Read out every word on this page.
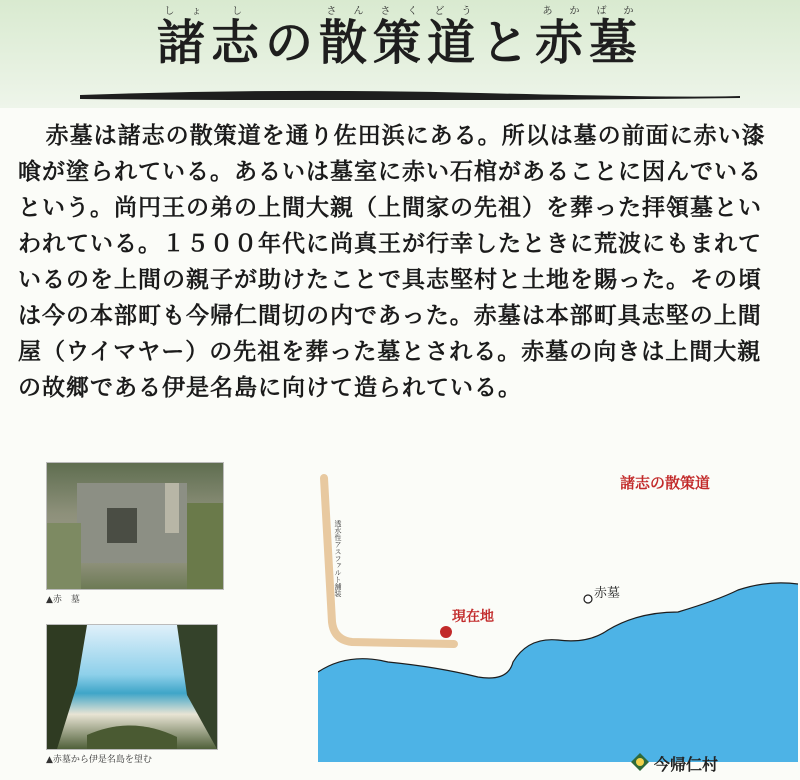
諸しょ志しの散さん策さく道どうと赤あか墓ばか
赤墓は諸志の散策道を通り佐田浜にある。所以は墓の前面に赤い漆喰が塗られている。あるいは墓室に赤い石棺があることに因んでいるという。尚円王の弟の上間大親（上間家の先祖）を葬った拝領墓といわれている。１５００年代に尚真王が行幸したときに荒波にもまれているのを上間の親子が助けたことで具志堅村と土地を賜った。その頃は今の本部町も今帰仁間切の内であった。赤墓は本部町具志堅の上間屋（ウイマヤー）の先祖を葬った墓とされる。赤墓の向きは上間大親の故郷である伊是名島に向けて造られている。
▲赤　墓
▲赤墓から伊是名島を望む
諸志の散策道
現在地
赤墓
透水性アスファルト舗装
今帰仁村
